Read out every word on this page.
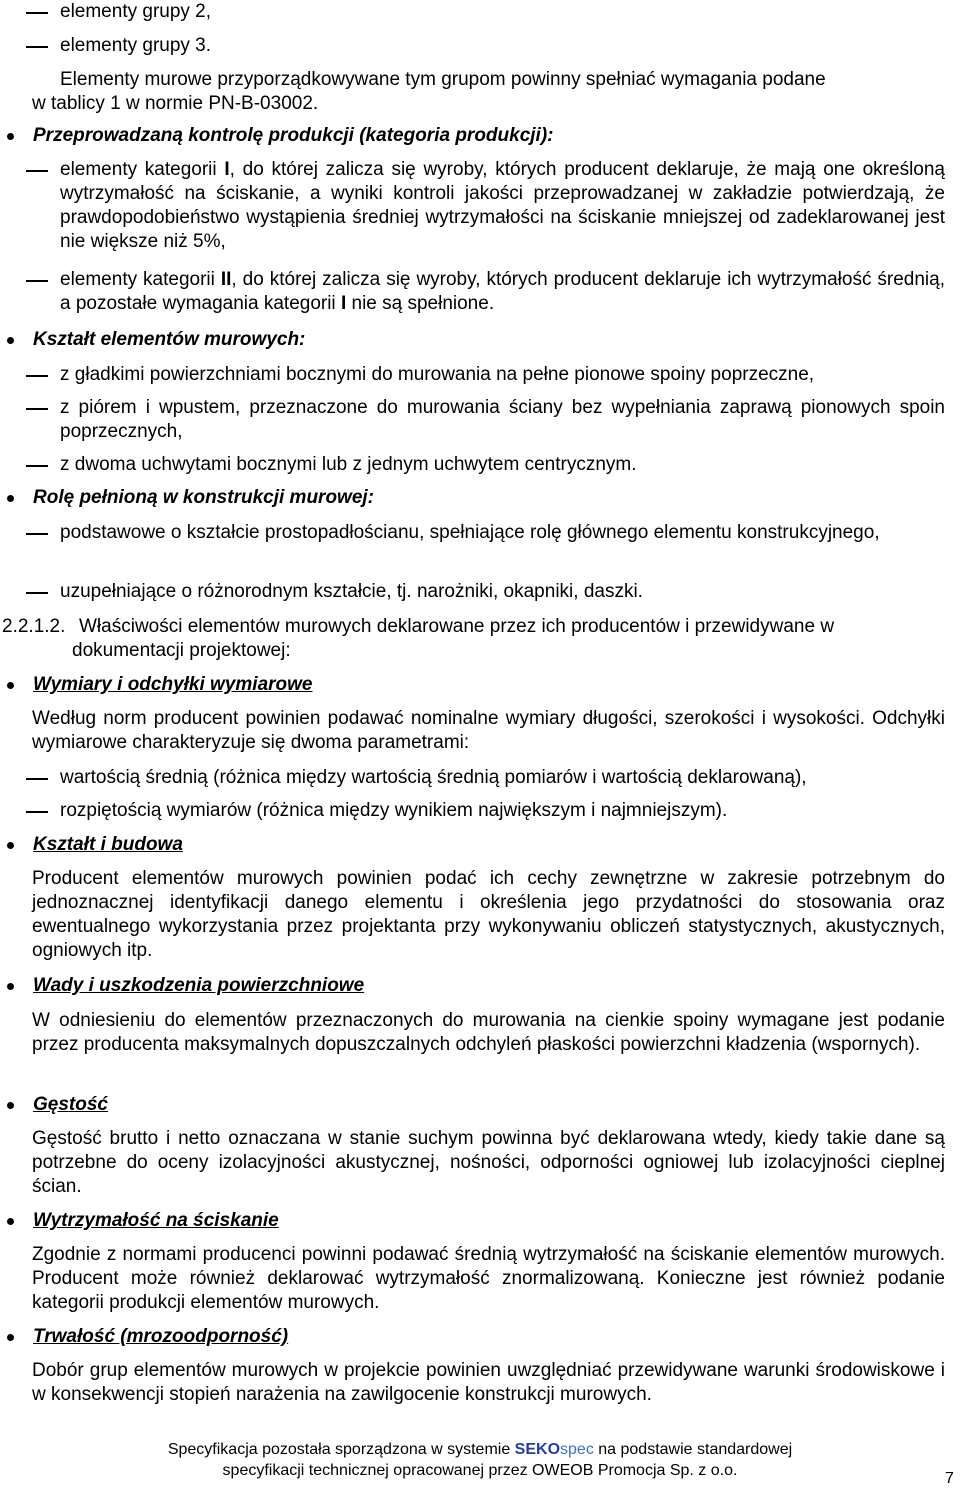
elementy grupy 2,
elementy grupy 3.
Elementy murowe przyporządkowywane tym grupom powinny spełniać wymagania podane
w tablicy 1 w normie PN-B-03002.
Przeprowadzaną kontrolę produkcji (kategoria produkcji):
elementy kategorii I, do której zalicza się wyroby, których producent deklaruje, że mają one określoną wytrzymałość na ściskanie, a wyniki kontroli jakości przeprowadzanej w zakładzie potwierdzają, że prawdopodobieństwo wystąpienia średniej wytrzymałości na ściskanie mniejszej od zadeklarowanej jest nie większe niż 5%,
elementy kategorii II, do której zalicza się wyroby, których producent deklaruje ich wytrzymałość średnią, a pozostałe wymagania kategorii I nie są spełnione.
Kształt elementów murowych:
z gładkimi powierzchniami bocznymi do murowania na pełne pionowe spoiny poprzeczne,
z piórem i wpustem, przeznaczone do murowania ściany bez wypełniania zaprawą pionowych spoin poprzecznych,
z dwoma uchwytami bocznymi lub z jednym uchwytem centrycznym.
Rolę pełnioną w konstrukcji murowej:
podstawowe o kształcie prostopadłościanu, spełniające rolę głównego elementu konstrukcyjnego,
uzupełniające o różnorodnym kształcie, tj. narożniki, okapniki, daszki.
2.2.1.2. Właściwości elementów murowych deklarowane przez ich producentów i przewidywane w
dokumentacji projektowej:
Wymiary i odchyłki wymiarowe
Według norm producent powinien podawać nominalne wymiary długości, szerokości i wysokości. Odchyłki wymiarowe charakteryzuje się dwoma parametrami:
wartością średnią (różnica między wartością średnią pomiarów i wartością deklarowaną),
rozpiętością wymiarów (różnica między wynikiem największym i najmniejszym).
Kształt i budowa
Producent elementów murowych powinien podać ich cechy zewnętrzne w zakresie potrzebnym do jednoznacznej identyfikacji danego elementu i określenia jego przydatności do stosowania oraz ewentualnego wykorzystania przez projektanta przy wykonywaniu obliczeń statystycznych, akustycznych, ogniowych itp.
Wady i uszkodzenia powierzchniowe
W odniesieniu do elementów przeznaczonych do murowania na cienkie spoiny wymagane jest podanie przez producenta maksymalnych dopuszczalnych odchyleń płaskości powierzchni kładzenia (wspornych).
Gęstość
Gęstość brutto i netto oznaczana w stanie suchym powinna być deklarowana wtedy, kiedy takie dane są potrzebne do oceny izolacyjności akustycznej, nośności, odporności ogniowej lub izolacyjności cieplnej ścian.
Wytrzymałość na ściskanie
Zgodnie z normami producenci powinni podawać średnią wytrzymałość na ściskanie elementów murowych. Producent może również deklarować wytrzymałość znormalizowaną. Konieczne jest również podanie kategorii produkcji elementów murowych.
Trwałość (mrozoodporność)
Dobór grup elementów murowych w projekcie powinien uwzględniać przewidywane warunki środowiskowe i w konsekwencji stopień narażenia na zawilgocenie konstrukcji murowych.
Specyfikacja pozostała sporządzona w systemie SEKOspec na podstawie standardowej
specyfikacji technicznej opracowanej przez OWEOB Promocja Sp. z o.o.	7
